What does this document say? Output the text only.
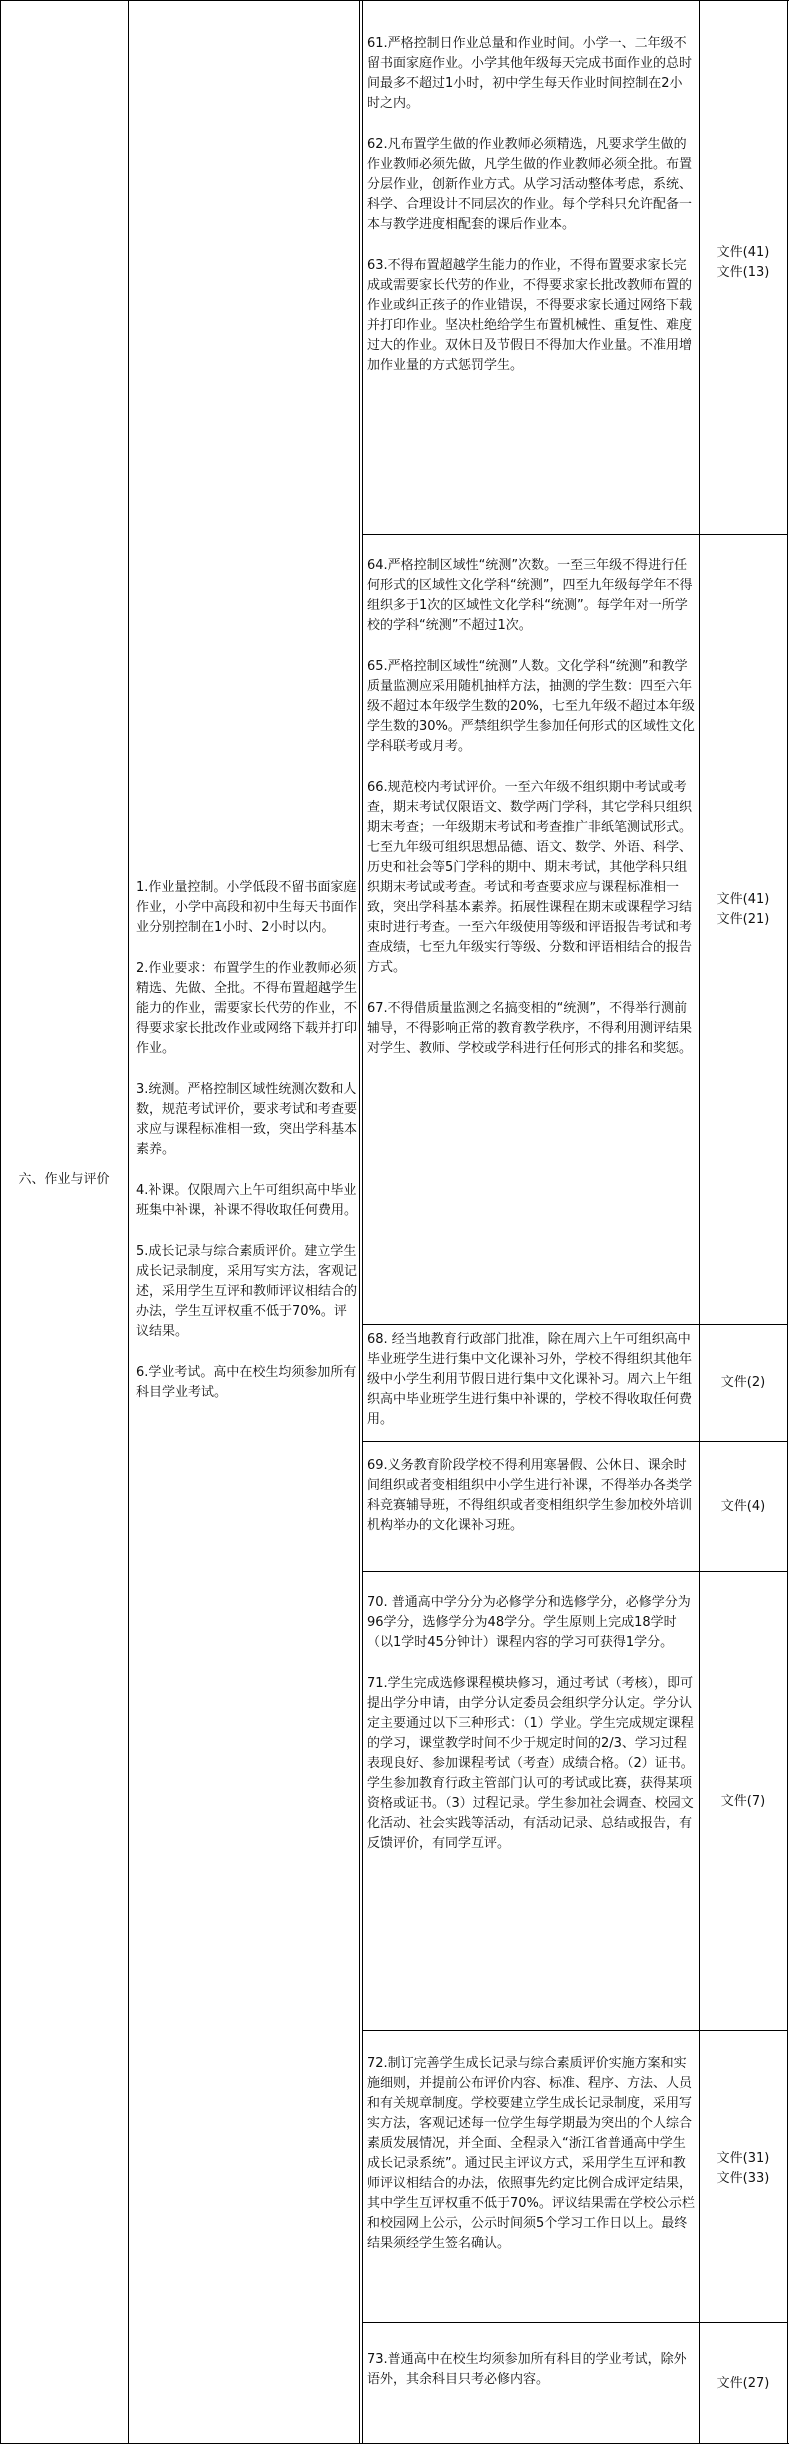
六、作业与评价

1.作业量控制。小学低段不留书面家庭作业，小学中高段和初中生每天书面作业分别控制在1小时、2小时以内。

2.作业要求：布置学生的作业教师必须精选、先做、全批。不得布置超越学生能力的作业，需要家长代劳的作业，不得要求家长批改作业或网络下载并打印作业。

3.统测。严格控制区域性统测次数和人数，规范考试评价，要求考试和考查要求应与课程标准相一致，突出学科基本素养。

4.补课。仅限周六上午可组织高中毕业班集中补课，补课不得收取任何费用。

5.成长记录与综合素质评价。建立学生成长记录制度，采用写实方法，客观记述，采用学生互评和教师评议相结合的办法，学生互评权重不低于70%。评议结果。

6.学业考试。高中在校生均须参加所有科目学业考试。

61.严格控制日作业总量和作业时间。小学一、二年级不留书面家庭作业。小学其他年级每天完成书面作业的总时间最多不超过1小时，初中学生每天作业时间控制在2小时之内。

62.凡布置学生做的作业教师必须精选，凡要求学生做的作业教师必须先做，凡学生做的作业教师必须全批。布置分层作业，创新作业方式。从学习活动整体考虑，系统、科学、合理设计不同层次的作业。每个学科只允许配备一本与教学进度相配套的课后作业本。

63.不得布置超越学生能力的作业，不得布置要求家长完成或需要家长代劳的作业，不得要求家长批改教师布置的作业或纠正孩子的作业错误，不得要求家长通过网络下载并打印作业。坚决杜绝给学生布置机械性、重复性、难度过大的作业。双休日及节假日不得加大作业量。不准用增加作业量的方式惩罚学生。

文件(41)
文件(13)

64.严格控制区域性“统测”次数。一至三年级不得进行任何形式的区域性文化学科“统测”，四至九年级每学年不得组织多于1次的区域性文化学科“统测”。每学年对一所学校的学科“统测”不超过1次。

65.严格控制区域性“统测”人数。文化学科“统测”和教学质量监测应采用随机抽样方法，抽测的学生数：四至六年级不超过本年级学生数的20%，七至九年级不超过本年级学生数的30%。严禁组织学生参加任何形式的区域性文化学科联考或月考。

66.规范校内考试评价。一至六年级不组织期中考试或考查，期末考试仅限语文、数学两门学科，其它学科只组织期末考查；一年级期末考试和考查推广非纸笔测试形式。七至九年级可组织思想品德、语文、数学、外语、科学、历史和社会等5门学科的期中、期末考试，其他学科只组织期末考试或考查。考试和考查要求应与课程标准相一致，突出学科基本素养。拓展性课程在期末或课程学习结束时进行考查。一至六年级使用等级和评语报告考试和考查成绩，七至九年级实行等级、分数和评语相结合的报告方式。

67.不得借质量监测之名搞变相的“统测”，不得举行测前辅导，不得影响正常的教育教学秩序，不得利用测评结果对学生、教师、学校或学科进行任何形式的排名和奖惩。

文件(41)
文件(21)

68. 经当地教育行政部门批准，除在周六上午可组织高中毕业班学生进行集中文化课补习外，学校不得组织其他年级中小学生利用节假日进行集中文化课补习。周六上午组织高中毕业班学生进行集中补课的，学校不得收取任何费用。

文件(2)

69.义务教育阶段学校不得利用寒暑假、公休日、课余时间组织或者变相组织中小学生进行补课，不得举办各类学科竞赛辅导班，不得组织或者变相组织学生参加校外培训机构举办的文化课补习班。

文件(4)

70. 普通高中学分分为必修学分和选修学分，必修学分为96学分，选修学分为48学分。学生原则上完成18学时（以1学时45分钟计）课程内容的学习可获得1学分。

71.学生完成选修课程模块修习，通过考试（考核），即可提出学分申请，由学分认定委员会组织学分认定。学分认定主要通过以下三种形式：（1）学业。学生完成规定课程的学习，课堂教学时间不少于规定时间的2/3、学习过程表现良好、参加课程考试（考查）成绩合格。（2）证书。学生参加教育行政主管部门认可的考试或比赛，获得某项资格或证书。（3）过程记录。学生参加社会调查、校园文化活动、社会实践等活动，有活动记录、总结或报告，有反馈评价，有同学互评。

文件(7)

72.制订完善学生成长记录与综合素质评价实施方案和实施细则，并提前公布评价内容、标准、程序、方法、人员和有关规章制度。学校要建立学生成长记录制度，采用写实方法，客观记述每一位学生每学期最为突出的个人综合素质发展情况，并全面、全程录入“浙江省普通高中学生成长记录系统”。通过民主评议方式，采用学生互评和教师评议相结合的办法，依照事先约定比例合成评定结果，其中学生互评权重不低于70%。评议结果需在学校公示栏和校园网上公示，公示时间须5个学习工作日以上。最终结果须经学生签名确认。

文件(31)
文件(33)

73.普通高中在校生均须参加所有科目的学业考试，除外语外，其余科目只考必修内容。	文件(27)
